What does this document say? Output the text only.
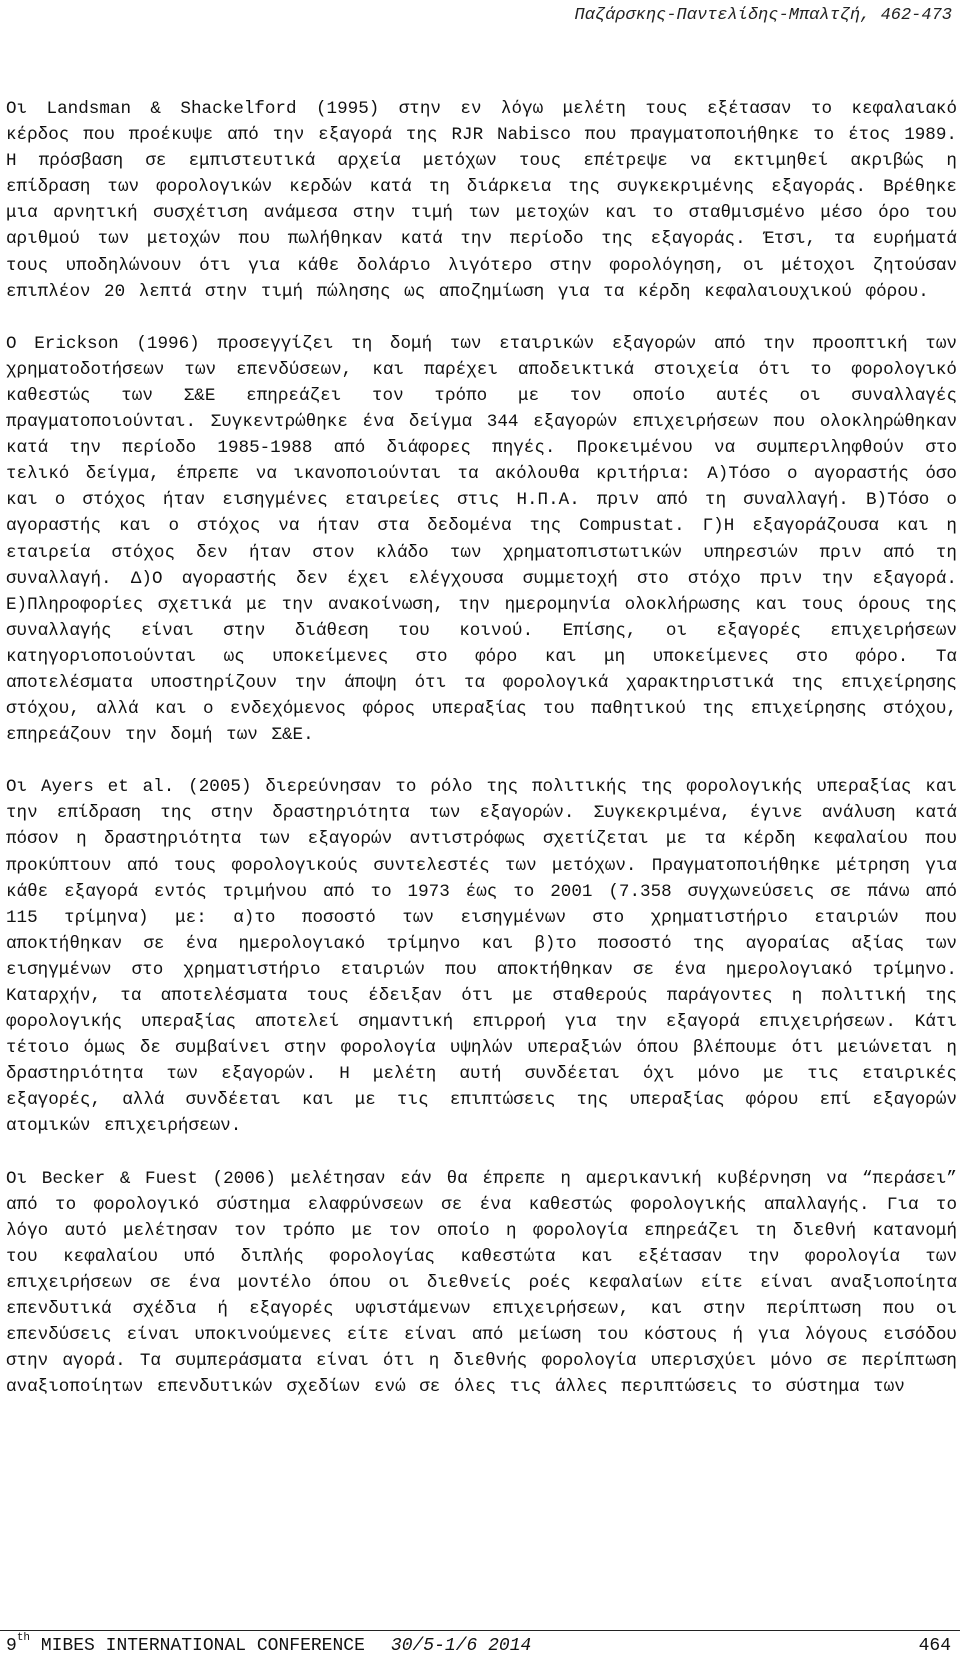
Παζάρσκης-Παντελίδης-Μπαλτζή, 462-473

Οι Landsman & Shackelford (1995) στην εν λόγω μελέτη τους εξέτασαν το κεφαλαιακό κέρδος που προέκυψε από την εξαγορά της RJR Nabisco που πραγματοποιήθηκε το έτος 1989. Η πρόσβαση σε εμπιστευτικά αρχεία μετόχων τους επέτρεψε να εκτιμηθεί ακριβώς η επίδραση των φορολογικών κερδών κατά τη διάρκεια της συγκεκριμένης εξαγοράς. Βρέθηκε μια αρνητική συσχέτιση ανάμεσα στην τιμή των μετοχών και το σταθμισμένο μέσο όρο του αριθμού των μετοχών που πωλήθηκαν κατά την περίοδο της εξαγοράς. Έτσι, τα ευρήματά τους υποδηλώνουν ότι για κάθε δολάριο λιγότερο στην φορολόγηση, οι μέτοχοι ζητούσαν επιπλέον 20 λεπτά στην τιμή πώλησης ως αποζημίωση για τα κέρδη κεφαλαιουχικού φόρου.

Ο Erickson (1996) προσεγγίζει τη δομή των εταιρικών εξαγορών από την προοπτική των χρηματοδοτήσεων των επενδύσεων, και παρέχει αποδεικτικά στοιχεία ότι το φορολογικό καθεστώς των Σ&Ε επηρεάζει τον τρόπο με τον οποίο αυτές οι συναλλαγές πραγματοποιούνται. Συγκεντρώθηκε ένα δείγμα 344 εξαγορών επιχειρήσεων που ολοκληρώθηκαν κατά την περίοδο 1985-1988 από διάφορες πηγές. Προκειμένου να συμπεριληφθούν στο τελικό δείγμα, έπρεπε να ικανοποιούνται τα ακόλουθα κριτήρια: Α)Τόσο ο αγοραστής όσο και ο στόχος ήταν εισηγμένες εταιρείες στις Η.Π.Α. πριν από τη συναλλαγή. Β)Τόσο ο αγοραστής και ο στόχος να ήταν στα δεδομένα της Compustat. Γ)Η εξαγοράζουσα και η εταιρεία στόχος δεν ήταν στον κλάδο των χρηματοπιστωτικών υπηρεσιών πριν από τη συναλλαγή. Δ)Ο αγοραστής δεν έχει ελέγχουσα συμμετοχή στο στόχο πριν την εξαγορά. Ε)Πληροφορίες σχετικά με την ανακοίνωση, την ημερομηνία ολοκλήρωσης και τους όρους της συναλλαγής είναι στην διάθεση του κοινού. Επίσης, οι εξαγορές επιχειρήσεων κατηγοριοποιούνται ως υποκείμενες στο φόρο και μη υποκείμενες στο φόρο. Τα αποτελέσματα υποστηρίζουν την άποψη ότι τα φορολογικά χαρακτηριστικά της επιχείρησης στόχου, αλλά και ο ενδεχόμενος φόρος υπεραξίας του παθητικού της επιχείρησης στόχου, επηρεάζουν την δομή των Σ&Ε.

Οι Ayers et al. (2005) διερεύνησαν το ρόλο της πολιτικής της φορολογικής υπεραξίας και την επίδραση της στην δραστηριότητα των εξαγορών. Συγκεκριμένα, έγινε ανάλυση κατά πόσον η δραστηριότητα των εξαγορών αντιστρόφως σχετίζεται με τα κέρδη κεφαλαίου που προκύπτουν από τους φορολογικούς συντελεστές των μετόχων. Πραγματοποιήθηκε μέτρηση για κάθε εξαγορά εντός τριμήνου από το 1973 έως το 2001 (7.358 συγχωνεύσεις σε πάνω από 115 τρίμηνα) με: α)το ποσοστό των εισηγμένων στο χρηματιστήριο εταιριών που αποκτήθηκαν σε ένα ημερολογιακό τρίμηνο και β)το ποσοστό της αγοραίας αξίας των εισηγμένων στο χρηματιστήριο εταιριών που αποκτήθηκαν σε ένα ημερολογιακό τρίμηνο. Καταρχήν, τα αποτελέσματα τους έδειξαν ότι με σταθερούς παράγοντες η πολιτική της φορολογικής υπεραξίας αποτελεί σημαντική επιρροή για την εξαγορά επιχειρήσεων. Κάτι τέτοιο όμως δε συμβαίνει στην φορολογία υψηλών υπεραξιών όπου βλέπουμε ότι μειώνεται η δραστηριότητα των εξαγορών. Η μελέτη αυτή συνδέεται όχι μόνο με τις εταιρικές εξαγορές, αλλά συνδέεται και με τις επιπτώσεις της υπεραξίας φόρου επί εξαγορών ατομικών επιχειρήσεων.

Οι Becker & Fuest (2006) μελέτησαν εάν θα έπρεπε η αμερικανική κυβέρνηση να “περάσει” από το φορολογικό σύστημα ελαφρύνσεων σε ένα καθεστώς φορολογικής απαλλαγής. Για το λόγο αυτό μελέτησαν τον τρόπο με τον οποίο η φορολογία επηρεάζει τη διεθνή κατανομή του κεφαλαίου υπό διπλής φορολογίας καθεστώτα και εξέτασαν την φορολογία των επιχειρήσεων σε ένα μοντέλο όπου οι διεθνείς ροές κεφαλαίων είτε είναι αναξιοποίητα επενδυτικά σχέδια ή εξαγορές υφιστάμενων επιχειρήσεων, και στην περίπτωση που οι επενδύσεις είναι υποκινούμενες είτε είναι από μείωση του κόστους ή για λόγους εισόδου στην αγορά. Τα συμπεράσματα είναι ότι η διεθνής φορολογία υπερισχύει μόνο σε περίπτωση αναξιοποίητων επενδυτικών σχεδίων ενώ σε όλες τις άλλες περιπτώσεις το σύστημα των

9th MIBES INTERNATIONAL CONFERENCE 30/5-1/6 2014	464
